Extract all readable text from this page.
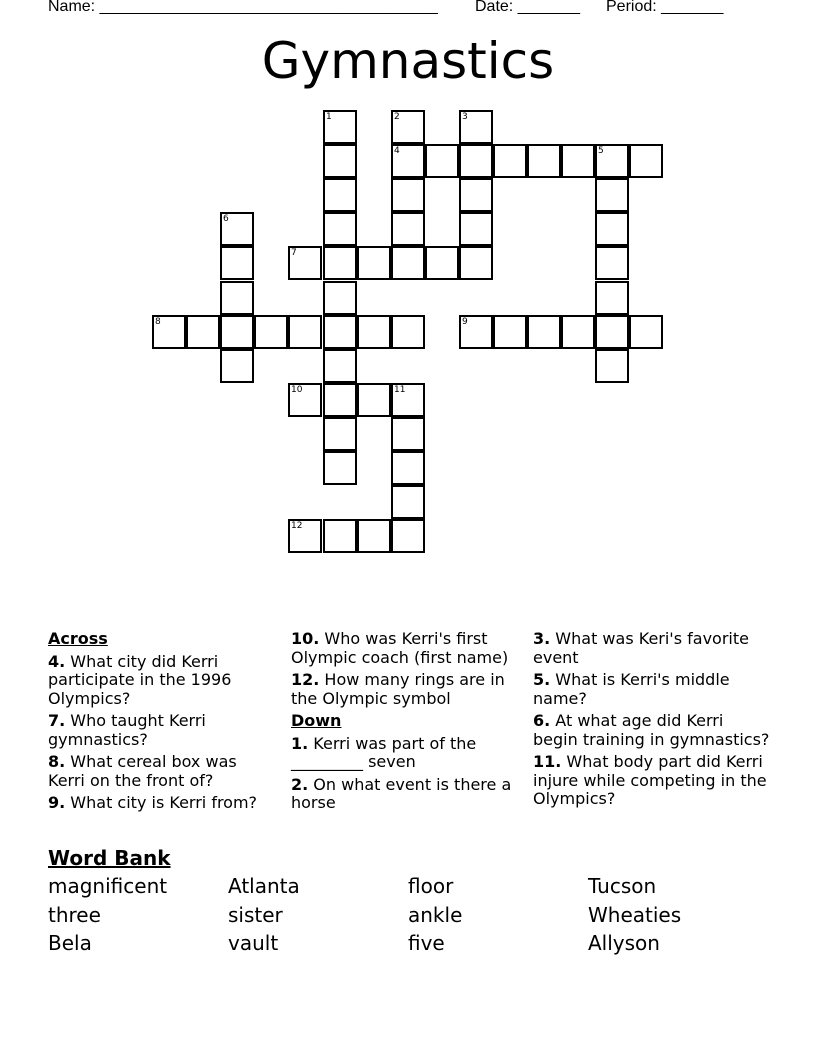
Name: ______________________________________ Date: _______ Period: _______
Gymnastics
1	2
4
3
5
6
7
8	9
10	11
12
Across
4. What city did Kerri participate in the 1996 Olympics?
7. Who taught Kerri gymnastics?
8. What cereal box was Kerri on the front of?
9. What city is Kerri from?
10. Who was Kerri's first Olympic coach (first name)
12. How many rings are in the Olympic symbol
Down
1. Kerri was part of the _________ seven
2. On what event is there a horse
3. What was Keri's favorite event
5. What is Kerri's middle name?
6. At what age did Kerri begin training in gymnastics?
11. What body part did Kerri injure while competing in the Olympics?
Word Bank
magnificent	Atlanta	floor	Tucson
three	sister	ankle	Wheaties
Bela	vault	five	Allyson
